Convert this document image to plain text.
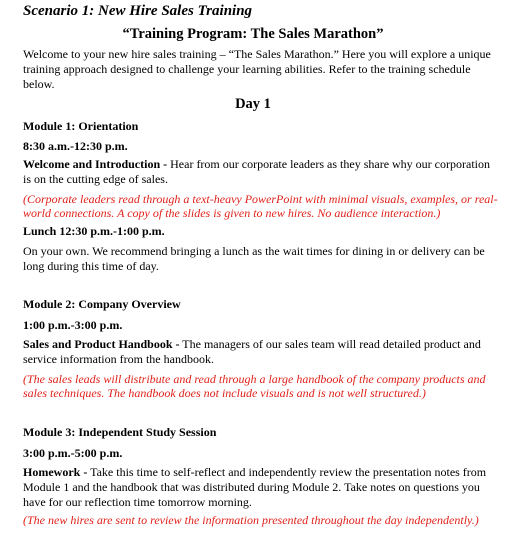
Scenario 1: New Hire Sales Training

“Training Program: The Sales Marathon”

Welcome to your new hire sales training – “The Sales Marathon.” Here you will explore a unique training approach designed to challenge your learning abilities. Refer to the training schedule below.

Day 1

Module 1: Orientation

8:30 a.m.-12:30 p.m.

Welcome and Introduction - Hear from our corporate leaders as they share why our corporation is on the cutting edge of sales.

(Corporate leaders read through a text-heavy PowerPoint with minimal visuals, examples, or real-world connections. A copy of the slides is given to new hires. No audience interaction.)

Lunch 12:30 p.m.-1:00 p.m.

On your own. We recommend bringing a lunch as the wait times for dining in or delivery can be long during this time of day.

Module 2: Company Overview

1:00 p.m.-3:00 p.m.

Sales and Product Handbook - The managers of our sales team will read detailed product and service information from the handbook.

(The sales leads will distribute and read through a large handbook of the company products and sales techniques. The handbook does not include visuals and is not well structured.)

Module 3: Independent Study Session

3:00 p.m.-5:00 p.m.

Homework - Take this time to self-reflect and independently review the presentation notes from Module 1 and the handbook that was distributed during Module 2. Take notes on questions you have for our reflection time tomorrow morning.

(The new hires are sent to review the information presented throughout the day independently.)
